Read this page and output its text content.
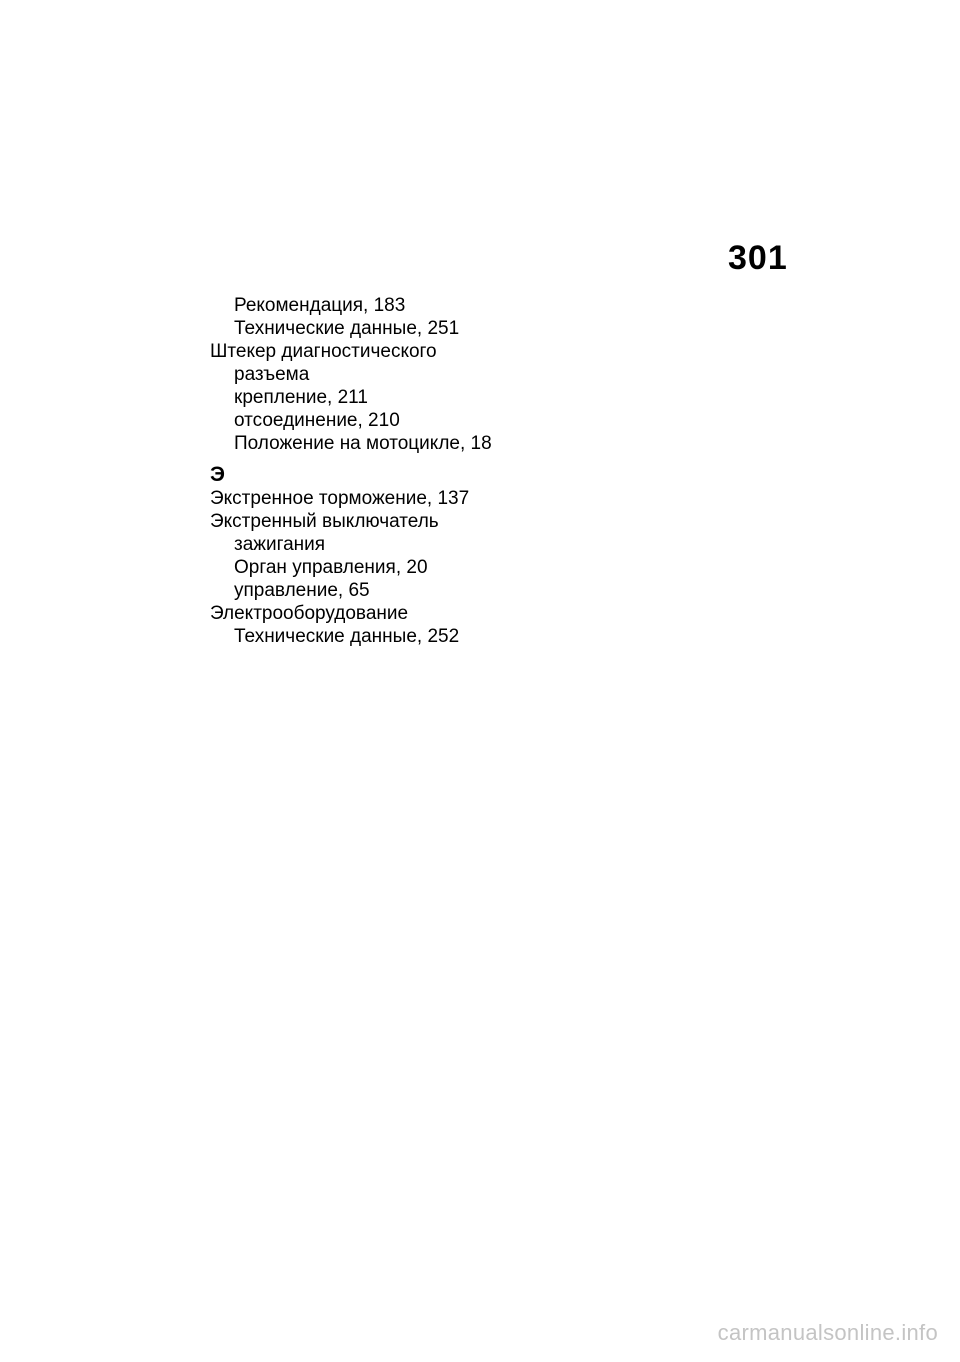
301
Рекомендация, 183
Технические данные, 251
Штекер диагностического
разъема
крепление, 211
отсоединение, 210
Положение на мотоцикле, 18
Э
Экстренное торможение, 137
Экстренный выключатель
зажигания
Орган управления, 20
управление, 65
Электрооборудование
Технические данные, 252
carmanualsonline.info
